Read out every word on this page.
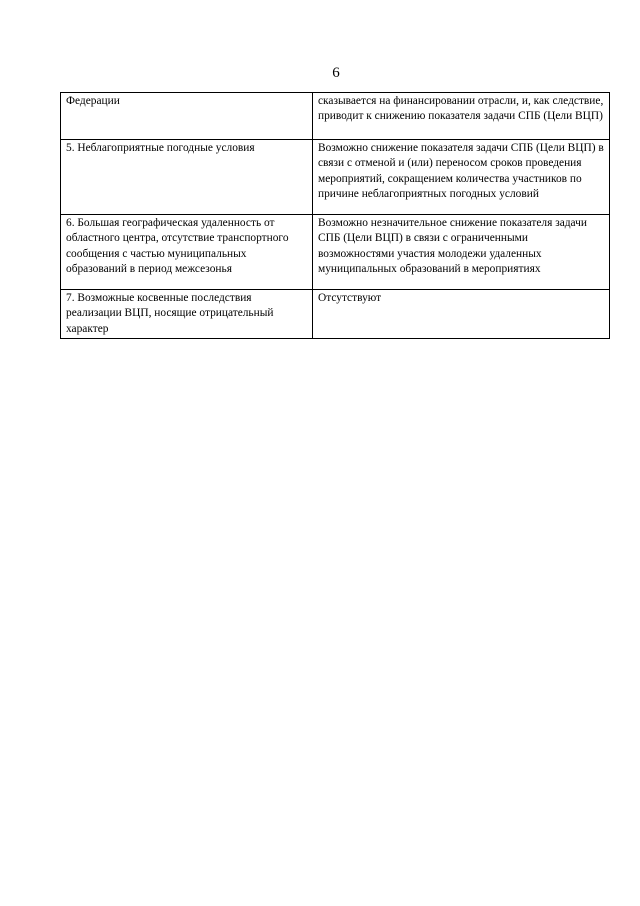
6
Федерации	сказывается на финансировании отрасли, и, как следствие, приводит к снижению показателя задачи СПБ (Цели ВЦП)
5. Неблагоприятные погодные условия	Возможно снижение показателя задачи СПБ (Цели ВЦП) в связи с отменой и (или) переносом сроков проведения мероприятий, сокращением количества участников по причине неблагоприятных погодных условий
6. Большая географическая удаленность от областного центра, отсутствие транспортного сообщения с частью муниципальных образований в период межсезонья	Возможно незначительное снижение показателя задачи СПБ (Цели ВЦП) в связи с ограниченными возможностями участия молодежи удаленных муниципальных образований в мероприятиях
7. Возможные косвенные последствия реализации ВЦП, носящие отрицательный характер	Отсутствуют
